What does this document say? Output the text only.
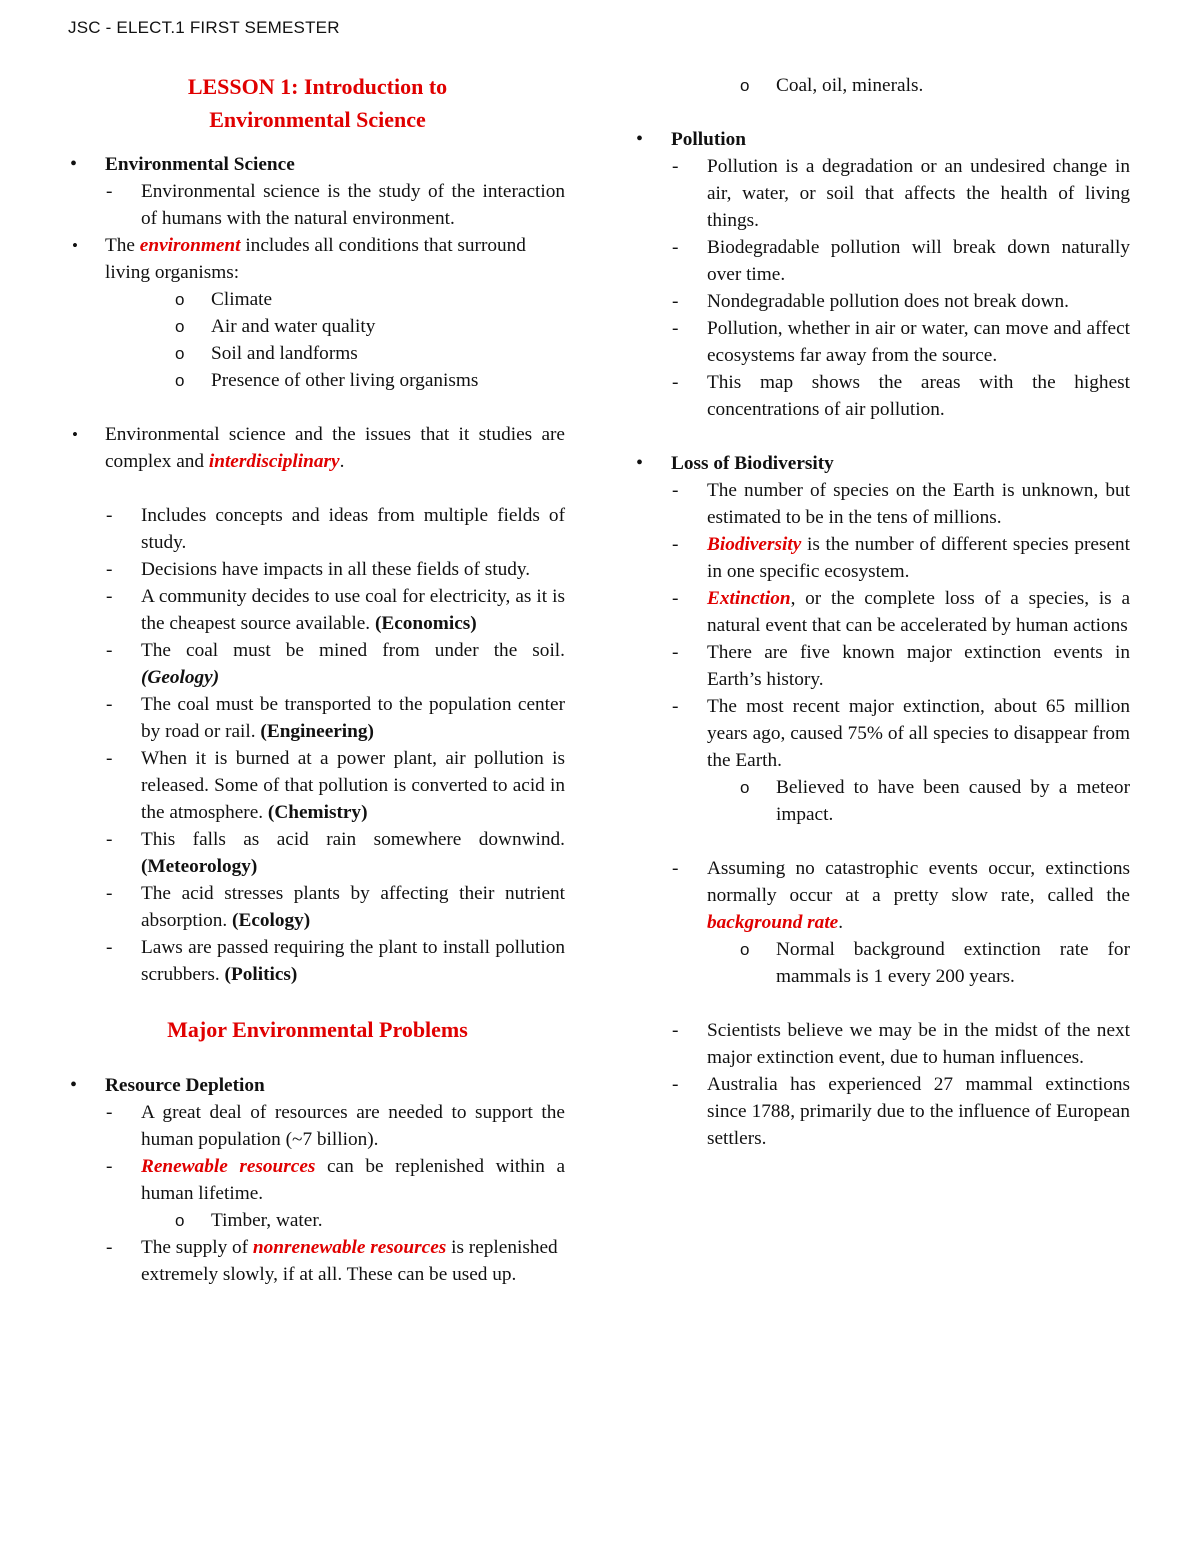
JSC - ELECT.1 FIRST SEMESTER
LESSON 1: Introduction to
Environmental Science
• Environmental Science
- Environmental science is the study of the interaction of humans with the natural environment.
• The environment includes all conditions that surround living organisms:
o Climate
o Air and water quality
o Soil and landforms
o Presence of other living organisms
• Environmental science and the issues that it studies are complex and interdisciplinary.
- Includes concepts and ideas from multiple fields of study.
- Decisions have impacts in all these fields of study.
- A community decides to use coal for electricity, as it is the cheapest source available. (Economics)
- The coal must be mined from under the soil. (Geology)
- The coal must be transported to the population center by road or rail. (Engineering)
- When it is burned at a power plant, air pollution is released. Some of that pollution is converted to acid in the atmosphere. (Chemistry)
- This falls as acid rain somewhere downwind. (Meteorology)
- The acid stresses plants by affecting their nutrient absorption. (Ecology)
- Laws are passed requiring the plant to install pollution scrubbers. (Politics)
Major Environmental Problems
• Resource Depletion
- A great deal of resources are needed to support the human population (~7 billion).
- Renewable resources can be replenished within a human lifetime.
o Timber, water.
- The supply of nonrenewable resources is replenished extremely slowly, if at all. These can be used up.
o Coal, oil, minerals.
• Pollution
- Pollution is a degradation or an undesired change in air, water, or soil that affects the health of living things.
- Biodegradable pollution will break down naturally over time.
- Nondegradable pollution does not break down.
- Pollution, whether in air or water, can move and affect ecosystems far away from the source.
- This map shows the areas with the highest concentrations of air pollution.
• Loss of Biodiversity
- The number of species on the Earth is unknown, but estimated to be in the tens of millions.
- Biodiversity is the number of different species present in one specific ecosystem.
- Extinction, or the complete loss of a species, is a natural event that can be accelerated by human actions
- There are five known major extinction events in Earth’s history.
- The most recent major extinction, about 65 million years ago, caused 75% of all species to disappear from the Earth.
o Believed to have been caused by a meteor impact.
- Assuming no catastrophic events occur, extinctions normally occur at a pretty slow rate, called the background rate.
o Normal background extinction rate for mammals is 1 every 200 years.
- Scientists believe we may be in the midst of the next major extinction event, due to human influences.
- Australia has experienced 27 mammal extinctions since 1788, primarily due to the influence of European settlers.
